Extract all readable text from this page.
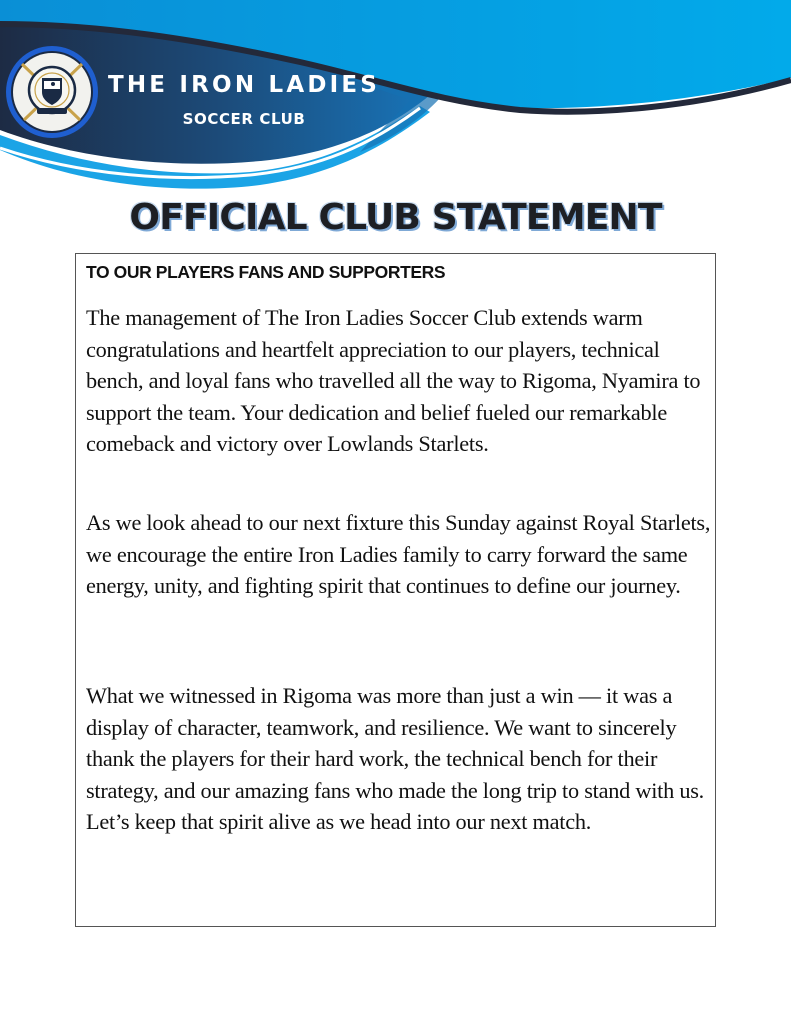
THE IRON LADIES
SOCCER CLUB
OFFICIAL CLUB STATEMENT
TO OUR PLAYERS FANS AND SUPPORTERS
The management of The Iron Ladies Soccer Club extends warm congratulations and heartfelt appreciation to our players, technical bench, and loyal fans who travelled all the way to Rigoma, Nyamira to support the team. Your dedication and belief fueled our remarkable comeback and victory over Lowlands Starlets.
As we look ahead to our next fixture this Sunday against Royal Starlets, we encourage the entire Iron Ladies family to carry forward the same energy, unity, and fighting spirit that continues to define our journey.
What we witnessed in Rigoma was more than just a win — it was a display of character, teamwork, and resilience. We want to sincerely thank the players for their hard work, the technical bench for their strategy, and our amazing fans who made the long trip to stand with us. Let’s keep that spirit alive as we head into our next match.
